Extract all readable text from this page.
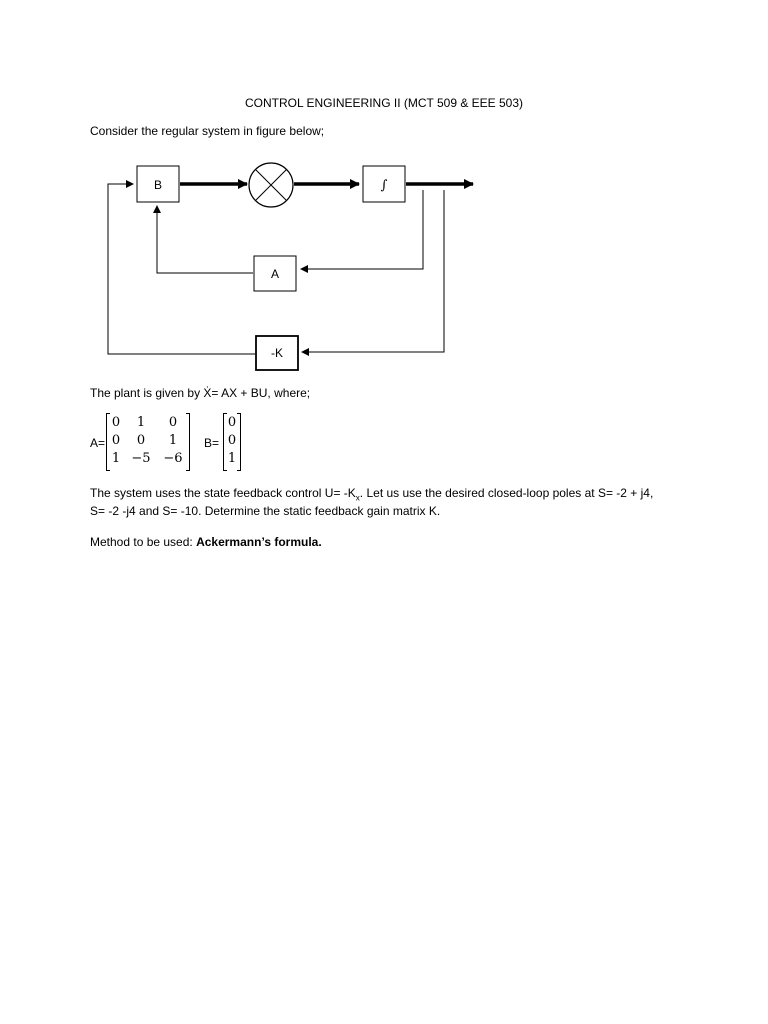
CONTROL ENGINEERING II (MCT 509 & EEE 503)
Consider the regular system in figure below;
B	∫
A
-K
The plant is given by Ẋ= AX + BU, where;
A=
0	1	0
0	0	1
1 −5 −6
B=
0
0
1
The system uses the state feedback control $U= -K_x$. Let us use the desired closed-loop poles at S= -2 + j4,
S= -2 -j4 and S= -10. Determine the static feedback gain matrix K.
Method to be used: Ackermann’s formula.
